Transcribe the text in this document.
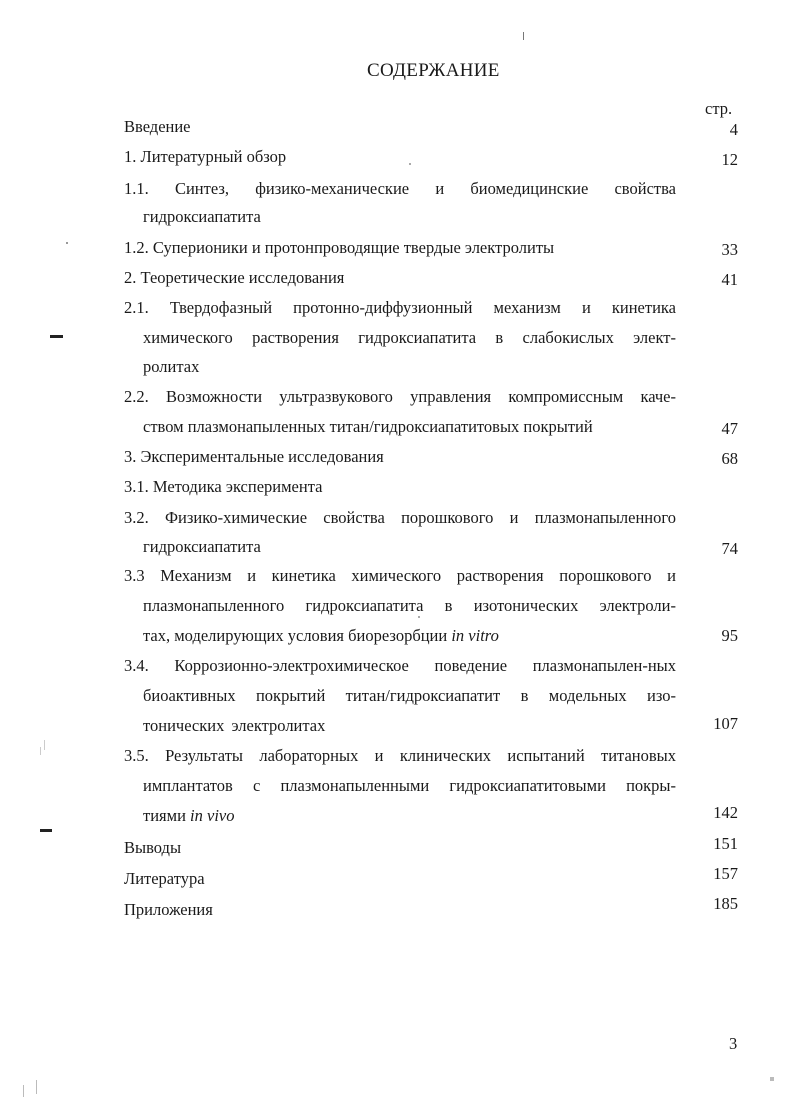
СОДЕРЖАНИЕ
стр.
Введение	4
1. Литературный обзор	12
1.1. Синтез, физико-механические и биомедицинские свойства
гидроксиапатита
1.2. Суперионики и протонпроводящие твердые электролиты	33
2. Теоретические исследования	41
2.1. Твердофазный протонно-диффузионный механизм и кинетика
химического растворения гидроксиапатита в слабокислых элект-
ролитах
2.2. Возможности ультразвукового управления компромиссным каче-
ством плазмонапыленных титан/гидроксиапатитовых покрытий	47
3. Экспериментальные исследования	68
3.1. Методика эксперимента
3.2. Физико-химические свойства порошкового и плазмонапыленного
гидроксиапатита	74
3.3 Механизм и кинетика химического растворения порошкового и
плазмонапыленного гидроксиапатита в изотонических электроли-
тах, моделирующих условия биорезорбции in vitro	95
3.4. Коррозионно-электрохимическое поведение плазмонапылен-ных
биоактивных покрытий титан/гидроксиапатит в модельных изо-
тонических электролитах	107
3.5. Результаты лабораторных и клинических испытаний титановых
имплантатов с плазмонапыленными гидроксиапатитовыми покры-
тиями in vivo	142
Выводы	151
Литература	157
Приложения	185
3
